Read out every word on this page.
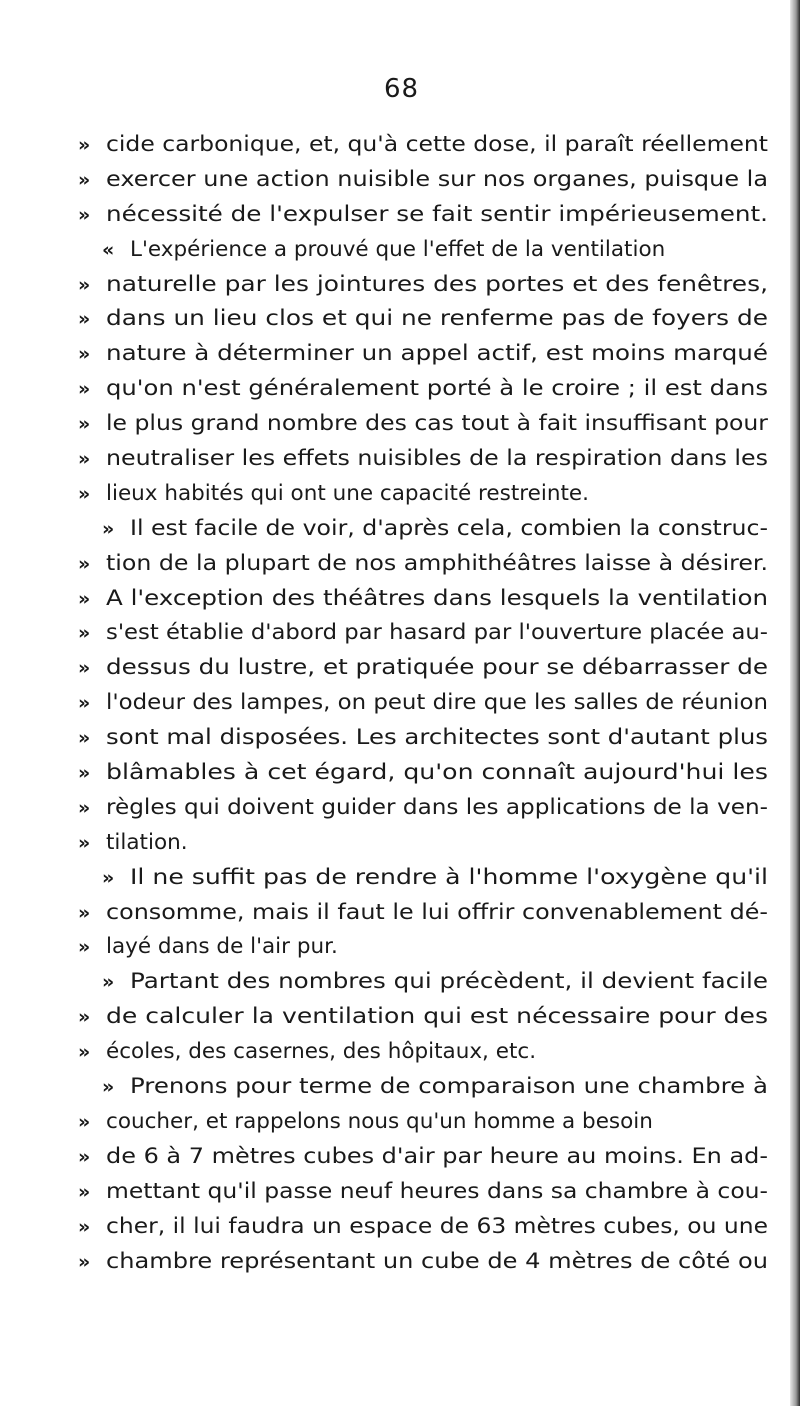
68
» cide carbonique, et, qu'à cette dose, il paraît réellement
» exercer une action nuisible sur nos organes, puisque la
» nécessité de l'expulser se fait sentir impérieusement.
« L'expérience a prouvé que l'effet de la ventilation
» naturelle par les jointures des portes et des fenêtres,
» dans un lieu clos et qui ne renferme pas de foyers de
» nature à déterminer un appel actif, est moins marqué
» qu'on n'est généralement porté à le croire ; il est dans
» le plus grand nombre des cas tout à fait insuffisant pour
» neutraliser les effets nuisibles de la respiration dans les
» lieux habités qui ont une capacité restreinte.
» Il est facile de voir, d'après cela, combien la construc-
» tion de la plupart de nos amphithéâtres laisse à désirer.
» A l'exception des théâtres dans lesquels la ventilation
» s'est établie d'abord par hasard par l'ouverture placée au-
» dessus du lustre, et pratiquée pour se débarrasser de
» l'odeur des lampes, on peut dire que les salles de réunion
» sont mal disposées. Les architectes sont d'autant plus
» blâmables à cet égard, qu'on connaît aujourd'hui les
» règles qui doivent guider dans les applications de la ven-
» tilation.
» Il ne suffit pas de rendre à l'homme l'oxygène qu'il
» consomme, mais il faut le lui offrir convenablement dé-
» layé dans de l'air pur.
» Partant des nombres qui précèdent, il devient facile
» de calculer la ventilation qui est nécessaire pour des
» écoles, des casernes, des hôpitaux, etc.
» Prenons pour terme de comparaison une chambre à
» coucher, et rappelons nous qu'un homme a besoin
» de 6 à 7 mètres cubes d'air par heure au moins. En ad-
» mettant qu'il passe neuf heures dans sa chambre à cou-
» cher, il lui faudra un espace de 63 mètres cubes, ou une
» chambre représentant un cube de 4 mètres de côté ou
